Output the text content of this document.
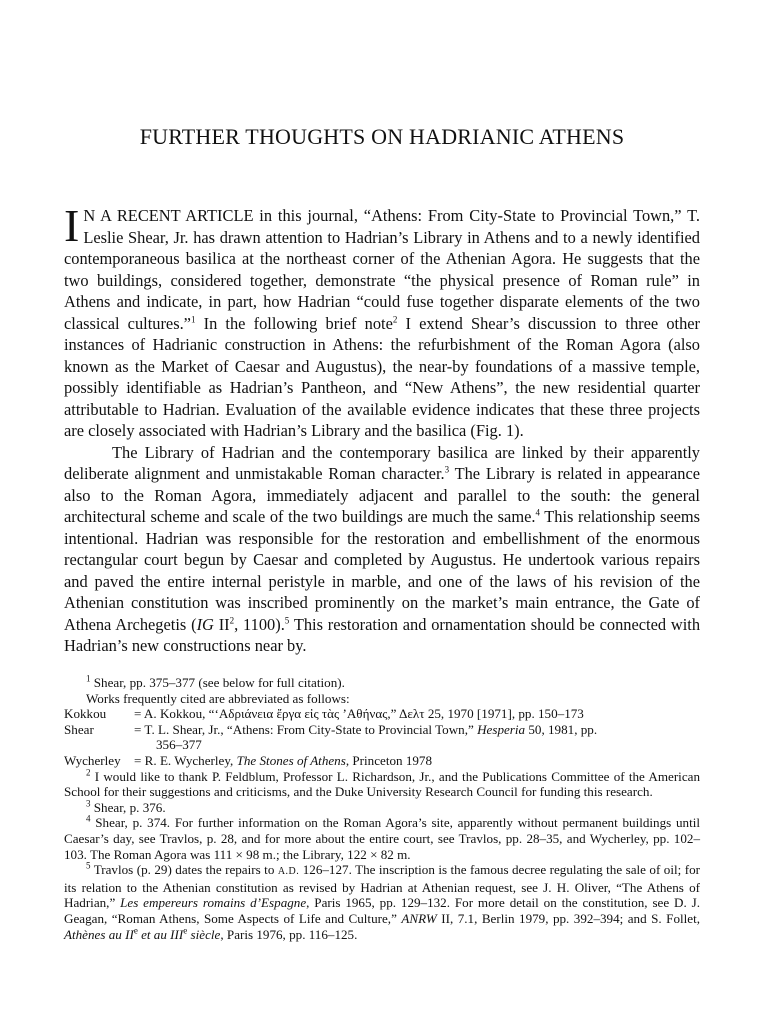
FURTHER THOUGHTS ON HADRIANIC ATHENS

I N A RECENT ARTICLE in this journal, “Athens: From City-State to Provincial Town,” T. Leslie Shear, Jr. has drawn attention to Hadrian’s Library in Athens and to a newly identified contemporaneous basilica at the northeast corner of the Athenian Agora. He suggests that the two buildings, considered together, demonstrate “the physical presence of Roman rule” in Athens and indicate, in part, how Hadrian “could fuse together disparate elements of the two classical cultures.”$^1$ In the following brief note$^2$ I extend Shear’s discussion to three other instances of Hadrianic construction in Athens: the refurbishment of the Roman Agora (also known as the Market of Caesar and Augustus), the near-by foundations of a massive temple, possibly identifiable as Hadrian’s Pantheon, and “New Athens”, the new residential quarter attributable to Hadrian. Evaluation of the available evidence indicates that these three projects are closely associated with Hadrian’s Library and the basilica (Fig. 1).

The Library of Hadrian and the contemporary basilica are linked by their apparently deliberate alignment and unmistakable Roman character.$^3$ The Library is related in appearance also to the Roman Agora, immediately adjacent and parallel to the south: the general architectural scheme and scale of the two buildings are much the same.$^4$ This relationship seems intentional. Hadrian was responsible for the restoration and embellishment of the enormous rectangular court begun by Caesar and completed by Augustus. He undertook various repairs and paved the entire internal peristyle in marble, and one of the laws of his revision of the Athenian constitution was inscribed prominently on the market’s main entrance, the Gate of Athena Archegetis (IG $II^2$, 1100).$^5$ This restoration and ornamentation should be connected with Hadrian’s new constructions near by.

$^1$ Shear, pp. 375–377 (see below for full citation).

Works frequently cited are abbreviated as follows:

Kokkou	= A. Kokkou, “‘Αδριάνεια ἔργα εἰς τὰς ’Αθήνας,” Δελτ 25, 1970 [1971], pp. 150–173
Shear	= T. L. Shear, Jr., “Athens: From City-State to Provincial Town,” Hesperia 50, 1981, pp.
356–377
Wycherley	= R. E. Wycherley, The Stones of Athens, Princeton 1978

$^2$ I would like to thank P. Feldblum, Professor L. Richardson, Jr., and the Publications Committee of the American School for their suggestions and criticisms, and the Duke University Research Council for funding this research.

$^3$ Shear, p. 376.

$^4$ Shear, p. 374. For further information on the Roman Agora’s site, apparently without permanent buildings until Caesar’s day, see Travlos, p. 28, and for more about the entire court, see Travlos, pp. 28–35, and Wycherley, pp. 102–103. The Roman Agora was 111 × 98 m.; the Library, 122 × 82 m.

$^5$ Travlos (p. 29) dates the repairs to A.D. 126–127. The inscription is the famous decree regulating the sale of oil; for its relation to the Athenian constitution as revised by Hadrian at Athenian request, see J. H. Oliver, “The Athens of Hadrian,” Les empereurs romains d’Espagne, Paris 1965, pp. 129–132. For more detail on the constitution, see D. J. Geagan, “Roman Athens, Some Aspects of Life and Culture,” ANRW II, 7.1, Berlin 1979, pp. 392–394; and S. Follet, Athènes au IIe et au IIIe siècle, Paris 1976, pp. 116–125.
